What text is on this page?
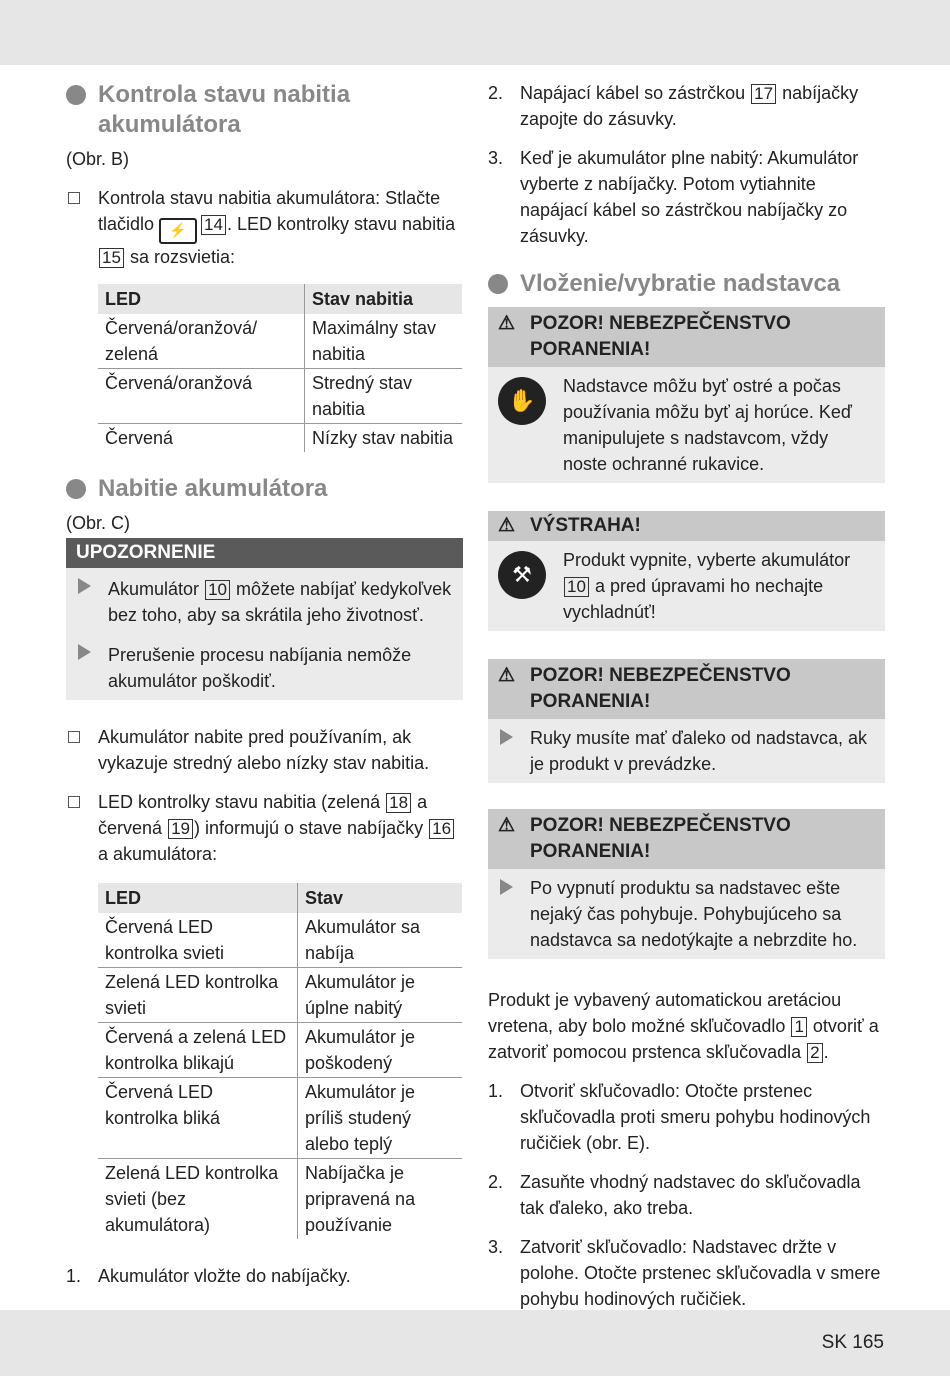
Kontrola stavu nabitia akumulátora

(Obr. B)

Kontrola stavu nabitia akumulátora: Stlačte tlačidlo ⚡ 14 . LED kontrolky stavu nabitia 15 sa rozsvietia:
LED	Stav nabitia
Červená/oranžová/ zelená	Maximálny stav nabitia
Červená/oranžová	Stredný stav nabitia
Červená	Nízky stav nabitia
Nabitie akumulátora

(Obr. C)

UPOZORNENIE
Akumulátor 10 môžete nabíjať kedykoľvek bez toho, aby sa skrátila jeho životnosť.
Prerušenie procesu nabíjania nemôže akumulátor poškodiť.
Akumulátor nabite pred používaním, ak vykazuje stredný alebo nízky stav nabitia.
LED kontrolky stavu nabitia (zelená 18 a červená 19 ) informujú o stave nabíjačky 16 a akumulátora:
LED	Stav
Červená LED kontrolka svieti	Akumulátor sa nabíja
Zelená LED kontrolka svieti	Akumulátor je úplne nabitý
Červená a zelená LED kontrolka blikajú	Akumulátor je poškodený
Červená LED kontrolka bliká	Akumulátor je príliš studený alebo teplý
Zelená LED kontrolka svieti (bez akumulátora)	Nabíjačka je pripravená na používanie
1. Akumulátor vložte do nabíjačky.
2. Napájací kábel so zástrčkou 17 nabíjačky zapojte do zásuvky.
3. Keď je akumulátor plne nabitý: Akumulátor vyberte z nabíjačky. Potom vytiahnite napájací kábel so zástrčkou nabíjačky zo zásuvky.
Vloženie/vybratie nadstavca
⚠ POZOR! NEBEZPEČENSTVO PORANENIA!
✋
Nadstavce môžu byť ostré a počas používania môžu byť aj horúce. Keď manipulujete s nadstavcom, vždy noste ochranné rukavice.
⚠ VÝSTRAHA!
⚒
Produkt vypnite, vyberte akumulátor 10 a pred úpravami ho nechajte vychladnúť!
⚠ POZOR! NEBEZPEČENSTVO PORANENIA!
Ruky musíte mať ďaleko od nadstavca, ak je produkt v prevádzke.
⚠ POZOR! NEBEZPEČENSTVO PORANENIA!
Po vypnutí produktu sa nadstavec ešte nejaký čas pohybuje. Pohybujúceho sa nadstavca sa nedotýkajte a nebrzdite ho.

Produkt je vybavený automatickou aretáciou vretena, aby bolo možné skľučovadlo 1 otvoriť a zatvoriť pomocou prstenca skľučovadla 2 .

1. Otvoriť skľučovadlo: Otočte prstenec skľučovadla proti smeru pohybu hodinových ručičiek (obr. E).
2. Zasuňte vhodný nadstavec do skľučovadla tak ďaleko, ako treba.
3. Zatvoriť skľučovadlo: Nadstavec držte v polohe. Otočte prstenec skľučovadla v smere pohybu hodinových ručičiek.
SK 165
